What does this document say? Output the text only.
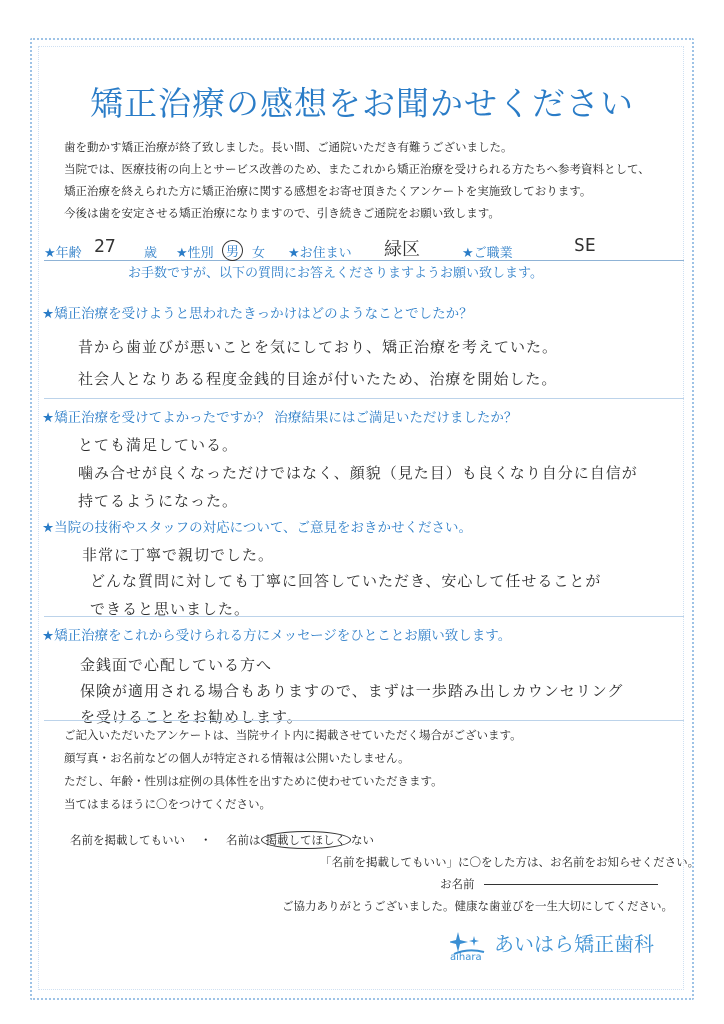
矯正治療の感想をお聞かせください
歯を動かす矯正治療が終了致しました。長い間、ご通院いただき有難うございました。
当院では、医療技術の向上とサービス改善のため、またこれから矯正治療を受けられる方たちへ参考資料として、
矯正治療を終えられた方に矯正治療に関する感想をお寄せ頂きたくアンケートを実施致しております。
今後は歯を安定させる矯正治療になりますので、引き続きご通院をお願い致します。
★年齢 27 歳 ★性別 男 女 ★お住まい 緑区	★ご職業	SE
お手数ですが、以下の質問にお答えくださりますようお願い致します。
★矯正治療を受けようと思われたきっかけはどのようなことでしたか？
昔から歯並びが悪いことを気にしており、矯正治療を考えていた。
社会人となりある程度金銭的目途が付いたため、治療を開始した。
★矯正治療を受けてよかったですか？ 治療結果にはご満足いただけましたか？
とても満足している。
噛み合せが良くなっただけではなく、顔貌（見た目）も良くなり自分に自信が
持てるようになった。
★当院の技術やスタッフの対応について、ご意見をおきかせください。
非常に丁寧で親切でした。
どんな質問に対しても丁寧に回答していただき、安心して任せることが
できると思いました。
★矯正治療をこれから受けられる方にメッセージをひとことお願い致します。
金銭面で心配している方へ
保険が適用される場合もありますので、まずは一歩踏み出しカウンセリング
を受けることをお勧めします。
ご記入いただいたアンケートは、当院サイト内に掲載させていただく場合がございます。
顔写真・お名前などの個人が特定される情報は公開いたしません。
ただし、年齢・性別は症例の具体性を出すために使わせていただきます。
当てはまるほうに〇をつけてください。
名前を掲載してもいい ・ 名前は 掲載してほしく ない
「名前を掲載してもいい」に〇をした方は、お名前をお知らせください。
お名前
ご協力ありがとうございました。健康な歯並びを一生大切にしてください。
あいはら矯正歯科
aihara
